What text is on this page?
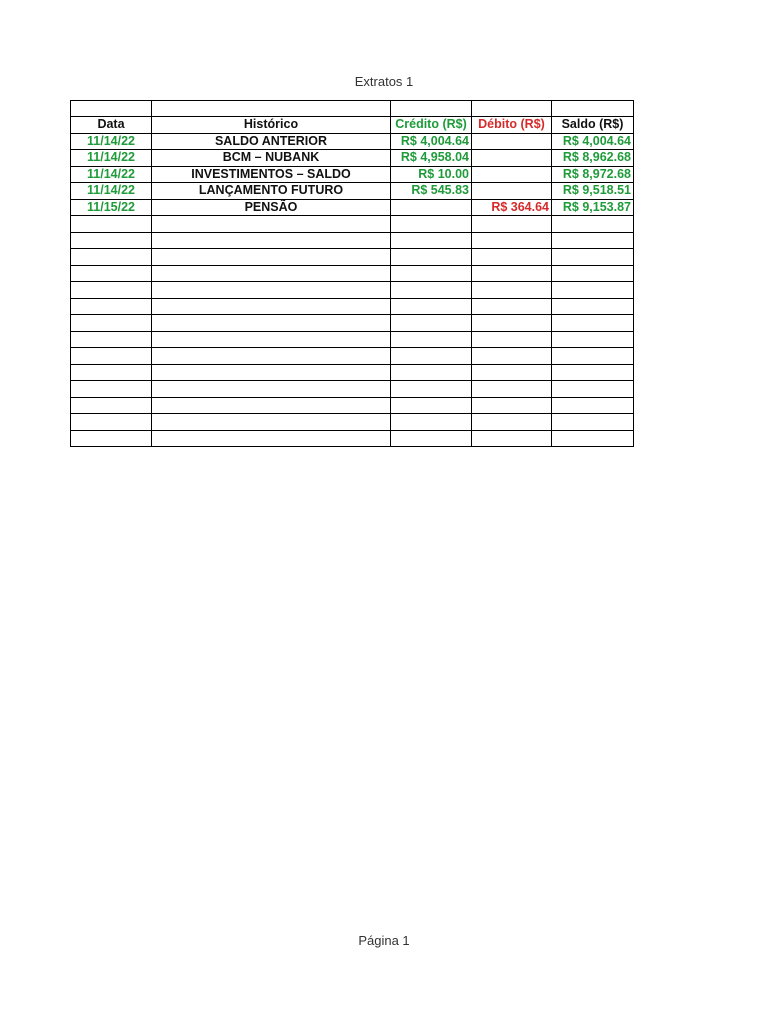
Extratos 1

Data	Histórico	Crédito (R$)	Débito (R$)	Saldo (R$)
11/14/22	SALDO ANTERIOR	R$ 4,004.64		R$ 4,004.64
11/14/22	BCM – NUBANK	R$ 4,958.04		R$ 8,962.68
11/14/22	INVESTIMENTOS – SALDO	R$ 10.00		R$ 8,972.68
11/14/22	LANÇAMENTO FUTURO	R$ 545.83		R$ 9,518.51
11/15/22	PENSÃO		R$ 364.64	R$ 9,153.87

Página 1
